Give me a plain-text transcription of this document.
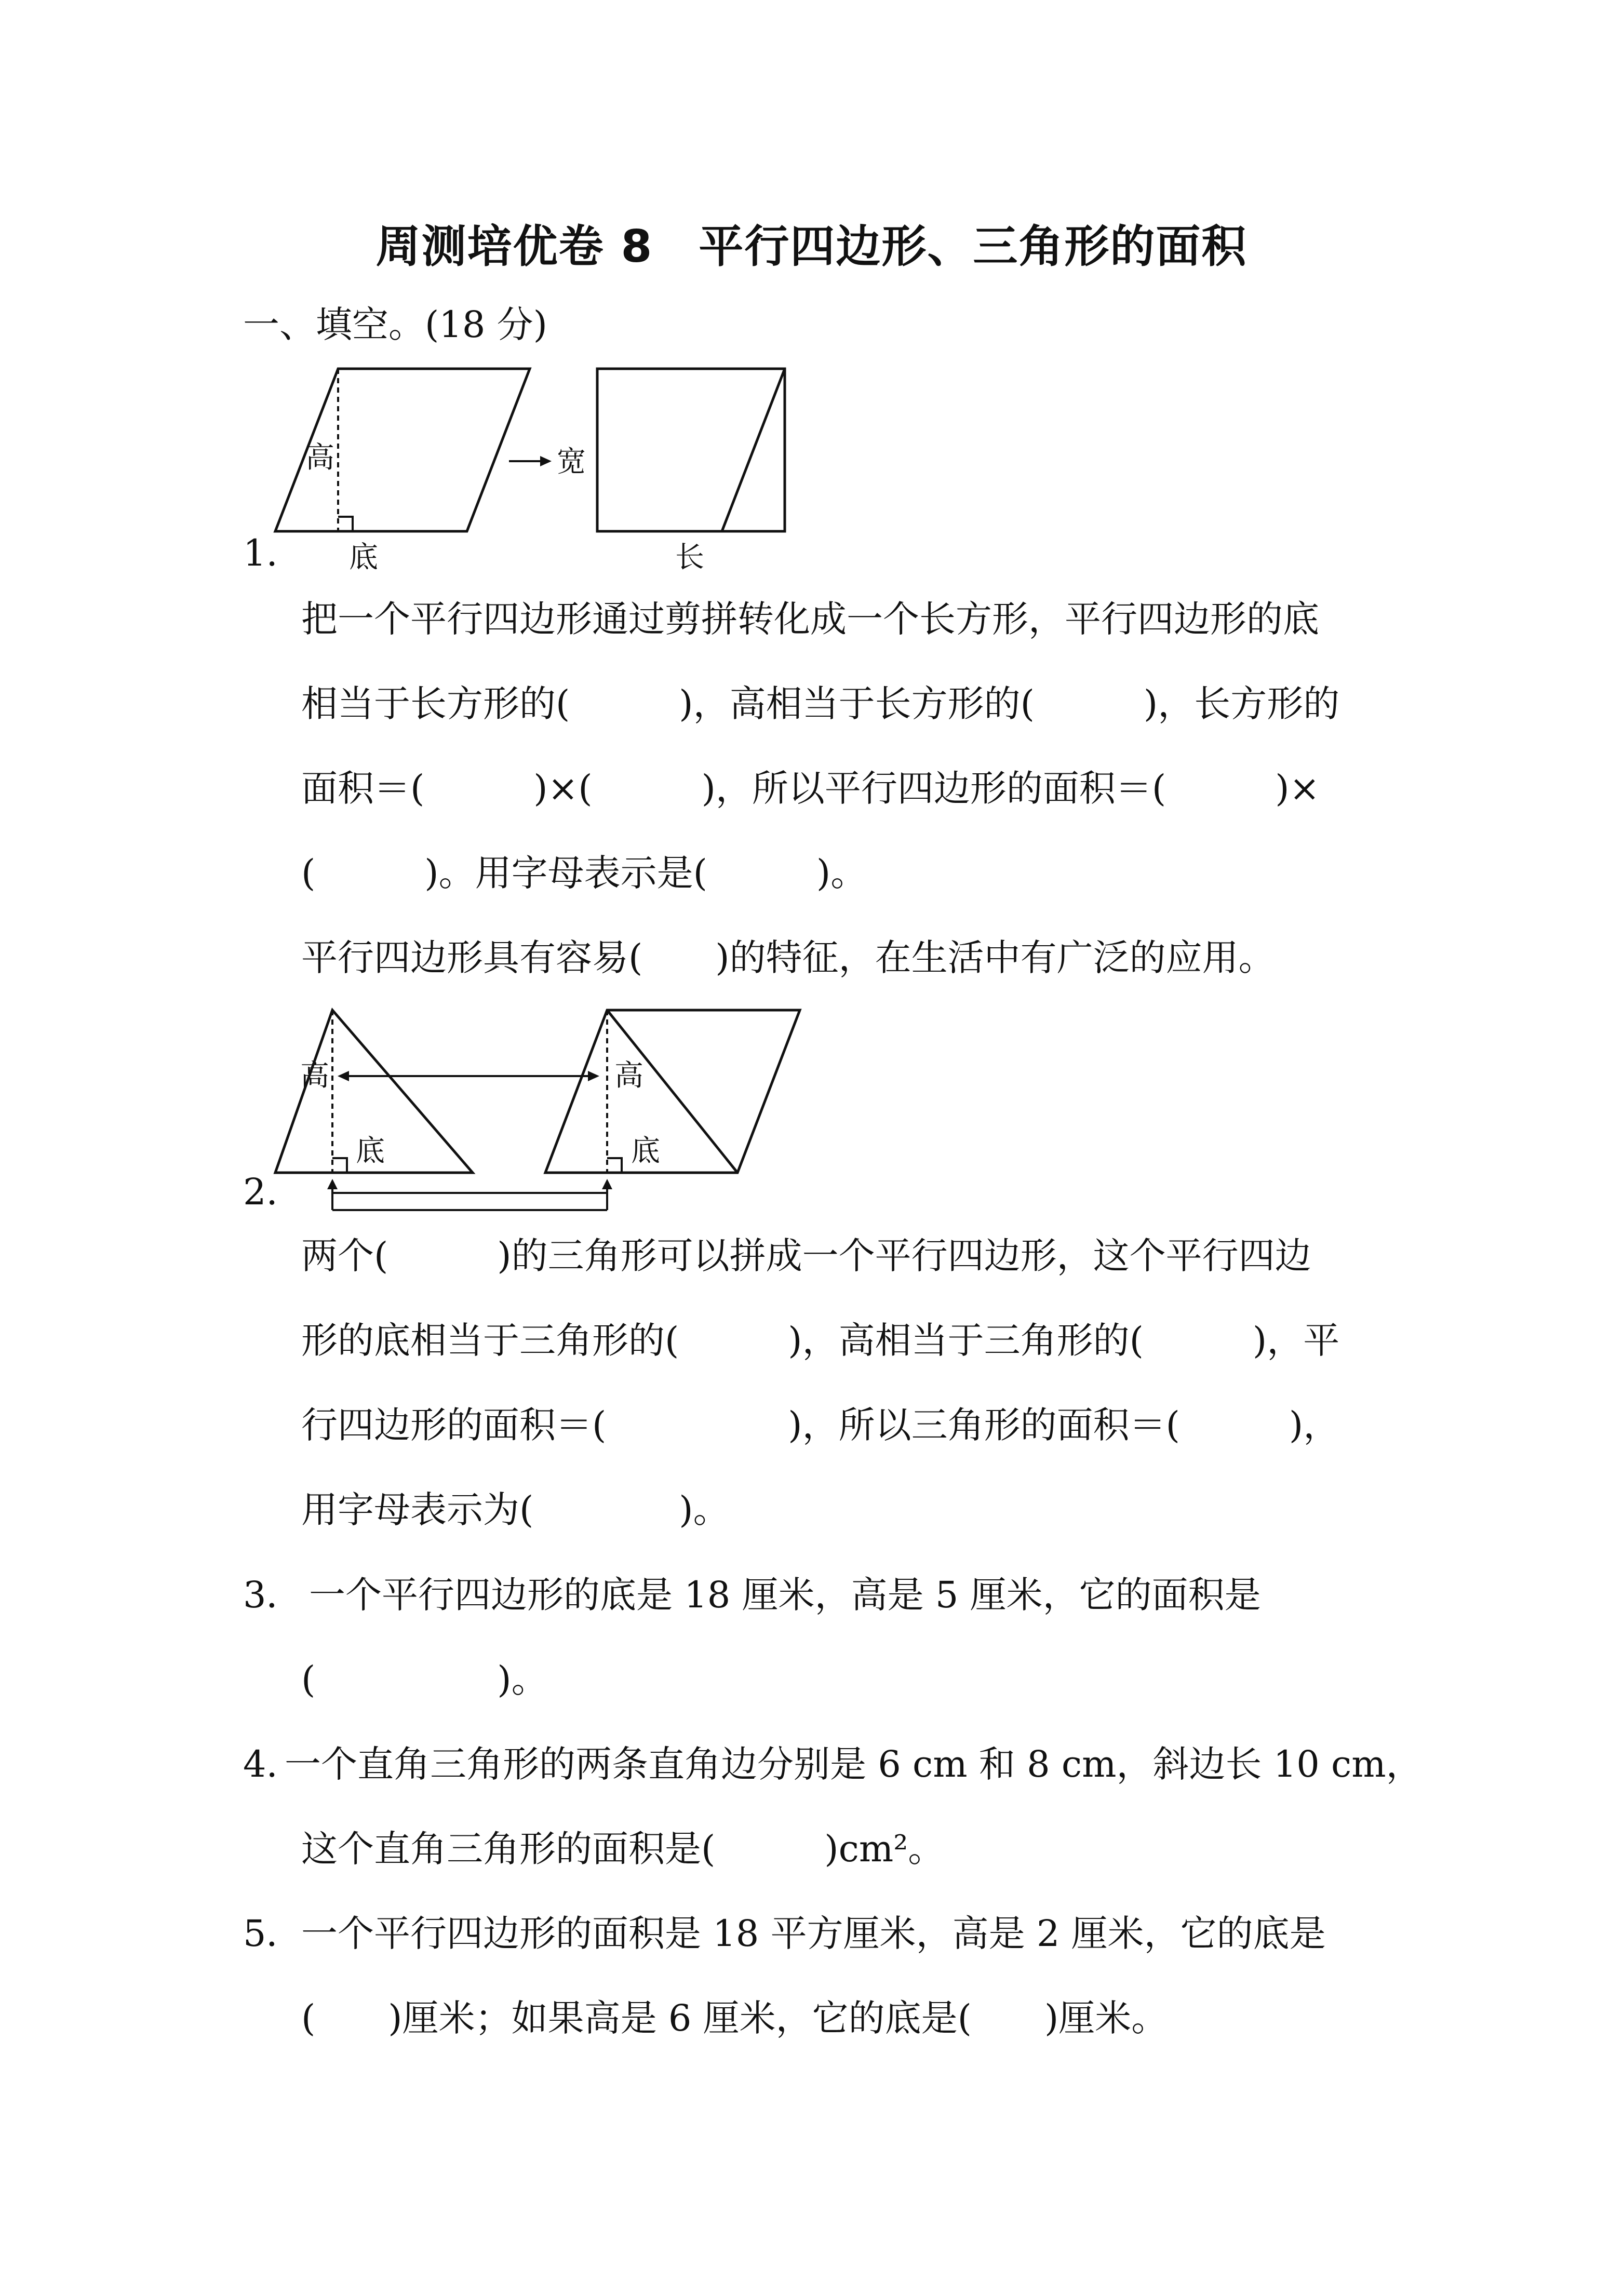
周测培优卷 8　平行四边形、三角形的面积
一、填空。(18 分)
高
底
宽
长
1.
把一个平行四边形通过剪拼转化成一个长方形，平行四边形的底
相当于长方形的(　　　)，高相当于长方形的(　　　)，长方形的
面积＝(　　　)×(　　　)，所以平行四边形的面积＝(　　　)×
(　　　)。用字母表示是(　　　)。
平行四边形具有容易(　　)的特征，在生活中有广泛的应用。
高
底
高
底
2.
两个(　　　)的三角形可以拼成一个平行四边形，这个平行四边
形的底相当于三角形的(　　　)，高相当于三角形的(　　　)，平
行四边形的面积＝(　　　　　)，所以三角形的面积＝(　　　)，
用字母表示为(　　　　)。
3． 一个平行四边形的底是 18 厘米，高是 5 厘米，它的面积是
(　　　　　)。
4. 一个直角三角形的两条直角边分别是 6 cm 和 8 cm，斜边长 10 cm，
这个直角三角形的面积是(　　　)cm²。
5．
一个平行四边形的面积是 18 平方厘米，高是 2 厘米，它的底是
(　　)厘米；如果高是 6 厘米，它的底是(　　)厘米。
